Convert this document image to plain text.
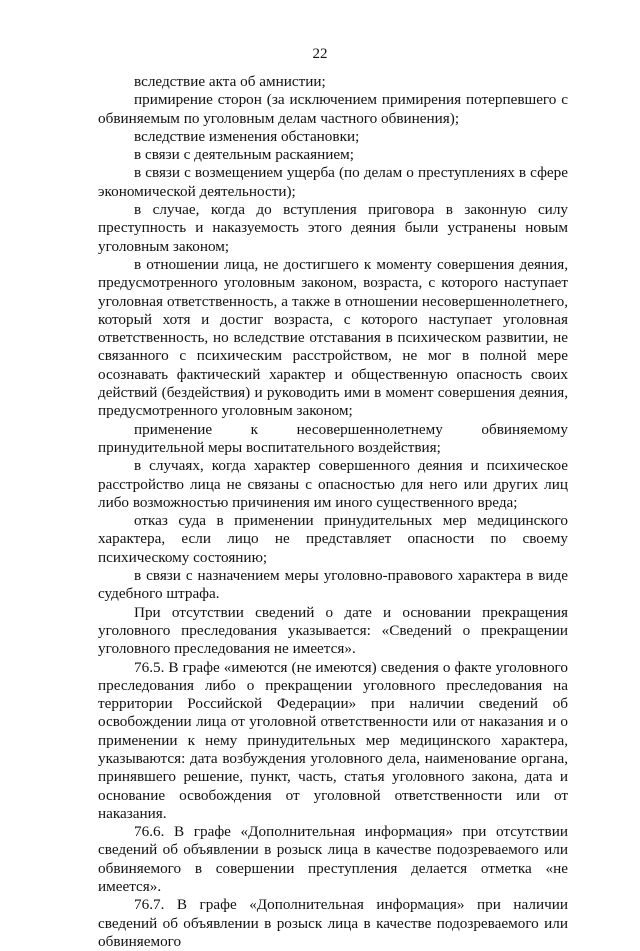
22

вследствие акта об амнистии;

примирение сторон (за исключением примирения потерпевшего с обвиняемым по уголовным делам частного обвинения);

вследствие изменения обстановки;

в связи с деятельным раскаянием;

в связи с возмещением ущерба (по делам о преступлениях в сфере экономической деятельности);

в случае, когда до вступления приговора в законную силу преступность и наказуемость этого деяния были устранены новым уголовным законом;

в отношении лица, не достигшего к моменту совершения деяния, предусмотренного уголовным законом, возраста, с которого наступает уголовная ответственность, а также в отношении несовершеннолетнего, который хотя и достиг возраста, с которого наступает уголовная ответственность, но вследствие отставания в психическом развитии, не связанного с психическим расстройством, не мог в полной мере осознавать фактический характер и общественную опасность своих действий (бездействия) и руководить ими в момент совершения деяния, предусмотренного уголовным законом;

применение к несовершеннолетнему обвиняемому принудительной меры воспитательного воздействия;

в случаях, когда характер совершенного деяния и психическое расстройство лица не связаны с опасностью для него или других лиц либо возможностью причинения им иного существенного вреда;

отказ суда в применении принудительных мер медицинского характера, если лицо не представляет опасности по своему психическому состоянию;

в связи с назначением меры уголовно-правового характера в виде судебного штрафа.

При отсутствии сведений о дате и основании прекращения уголовного преследования указывается: «Сведений о прекращении уголовного преследования не имеется».

76.5. В графе «имеются (не имеются) сведения о факте уголовного преследования либо о прекращении уголовного преследования на территории Российской Федерации» при наличии сведений об освобождении лица от уголовной ответственности или от наказания и о применении к нему принудительных мер медицинского характера, указываются: дата возбуждения уголовного дела, наименование органа, принявшего решение, пункт, часть, статья уголовного закона, дата и основание освобождения от уголовной ответственности или от наказания.

76.6. В графе «Дополнительная информация» при отсутствии сведений об объявлении в розыск лица в качестве подозреваемого или обвиняемого в совершении преступления делается отметка «не имеется».

76.7. В графе «Дополнительная информация» при наличии сведений об объявлении в розыск лица в качестве подозреваемого или обвиняемого
